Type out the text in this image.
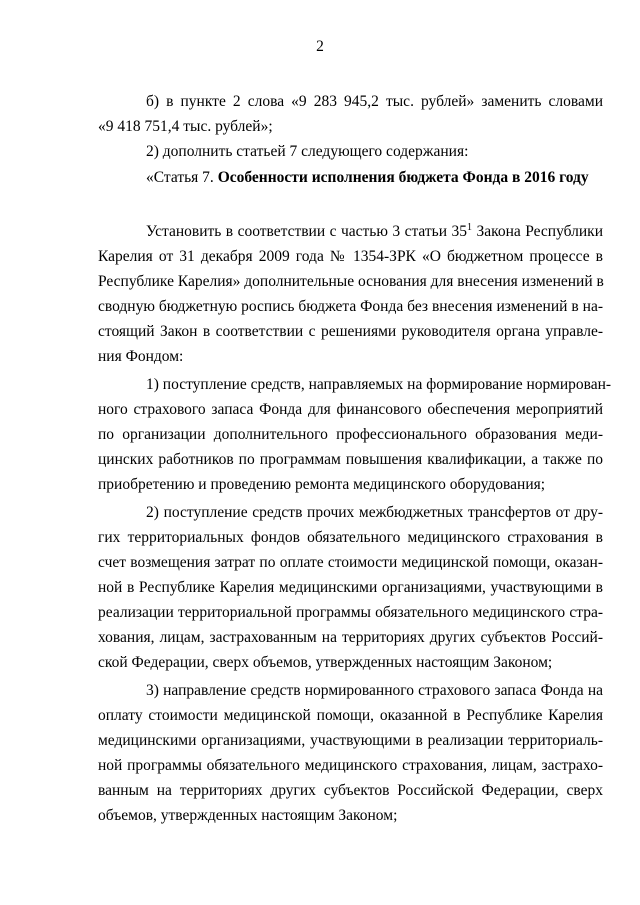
2
б) в пункте 2 слова «9 283 945,2 тыс. рублей» заменить словами
«9 418 751,4 тыс. рублей»;
2) дополнить статьей 7 следующего содержания:
«Статья 7. Особенности исполнения бюджета Фонда в 2016 году
Установить в соответствии с частью 3 статьи $35^1$ Закона Республики
Карелия от 31 декабря 2009 года № 1354-ЗРК «О бюджетном процессе в
Республике Карелия» дополнительные основания для внесения изменений в
сводную бюджетную роспись бюджета Фонда без внесения изменений в на-
стоящий Закон в соответствии с решениями руководителя органа управле-
ния Фондом:
1) поступление средств, направляемых на формирование нормирован-
ного страхового запаса Фонда для финансового обеспечения мероприятий
по организации дополнительного профессионального образования меди-
цинских работников по программам повышения квалификации, а также по
приобретению и проведению ремонта медицинского оборудования;
2) поступление средств прочих межбюджетных трансфертов от дру-
гих территориальных фондов обязательного медицинского страхования в
счет возмещения затрат по оплате стоимости медицинской помощи, оказан-
ной в Республике Карелия медицинскими организациями, участвующими в
реализации территориальной программы обязательного медицинского стра-
хования, лицам, застрахованным на территориях других субъектов Россий-
ской Федерации, сверх объемов, утвержденных настоящим Законом;
3) направление средств нормированного страхового запаса Фонда на
оплату стоимости медицинской помощи, оказанной в Республике Карелия
медицинскими организациями, участвующими в реализации территориаль-
ной программы обязательного медицинского страхования, лицам, застрахо-
ванным на территориях других субъектов Российской Федерации, сверх
объемов, утвержденных настоящим Законом;
